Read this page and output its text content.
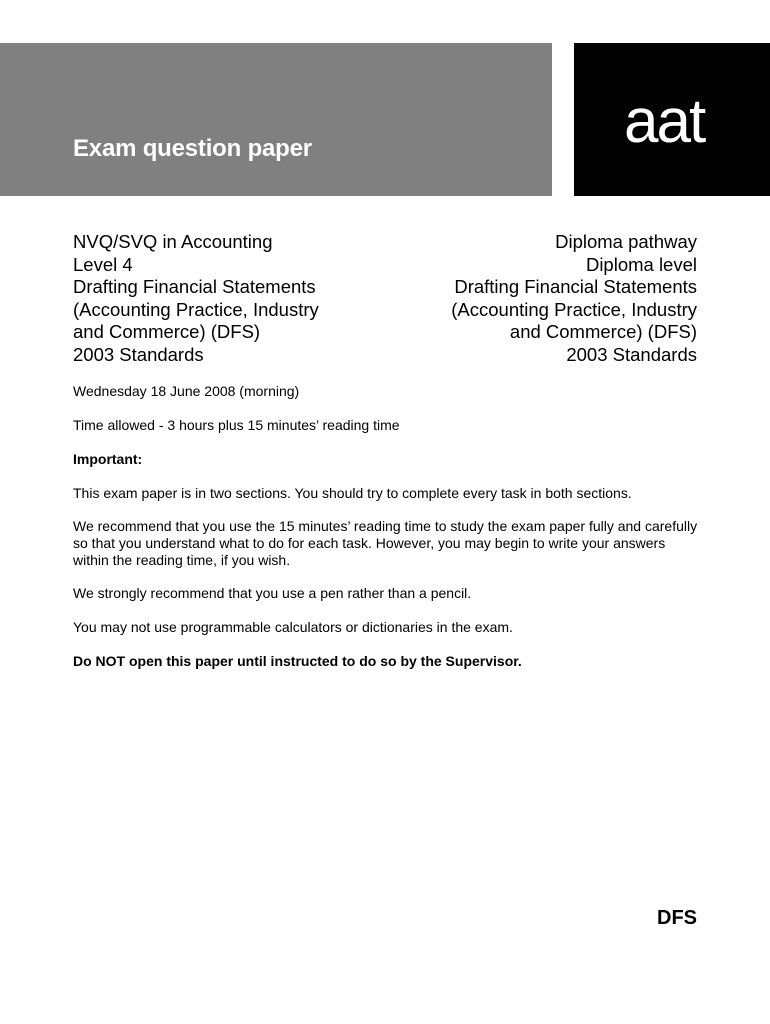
Exam question paper	aat
NVQ/SVQ in Accounting
Level 4
Drafting Financial Statements
(Accounting Practice, Industry
and Commerce) (DFS)
2003 Standards
Diploma pathway
Diploma level
Drafting Financial Statements
(Accounting Practice, Industry
and Commerce) (DFS)
2003 Standards
Wednesday 18 June 2008 (morning)
Time allowed - 3 hours plus 15 minutes’ reading time
Important:
This exam paper is in two sections. You should try to complete every task in both sections.
We recommend that you use the 15 minutes’ reading time to study the exam paper fully and carefully so that you understand what to do for each task. However, you may begin to write your answers within the reading time, if you wish.
We strongly recommend that you use a pen rather than a pencil.
You may not use programmable calculators or dictionaries in the exam.
Do NOT open this paper until instructed to do so by the Supervisor.
DFS
